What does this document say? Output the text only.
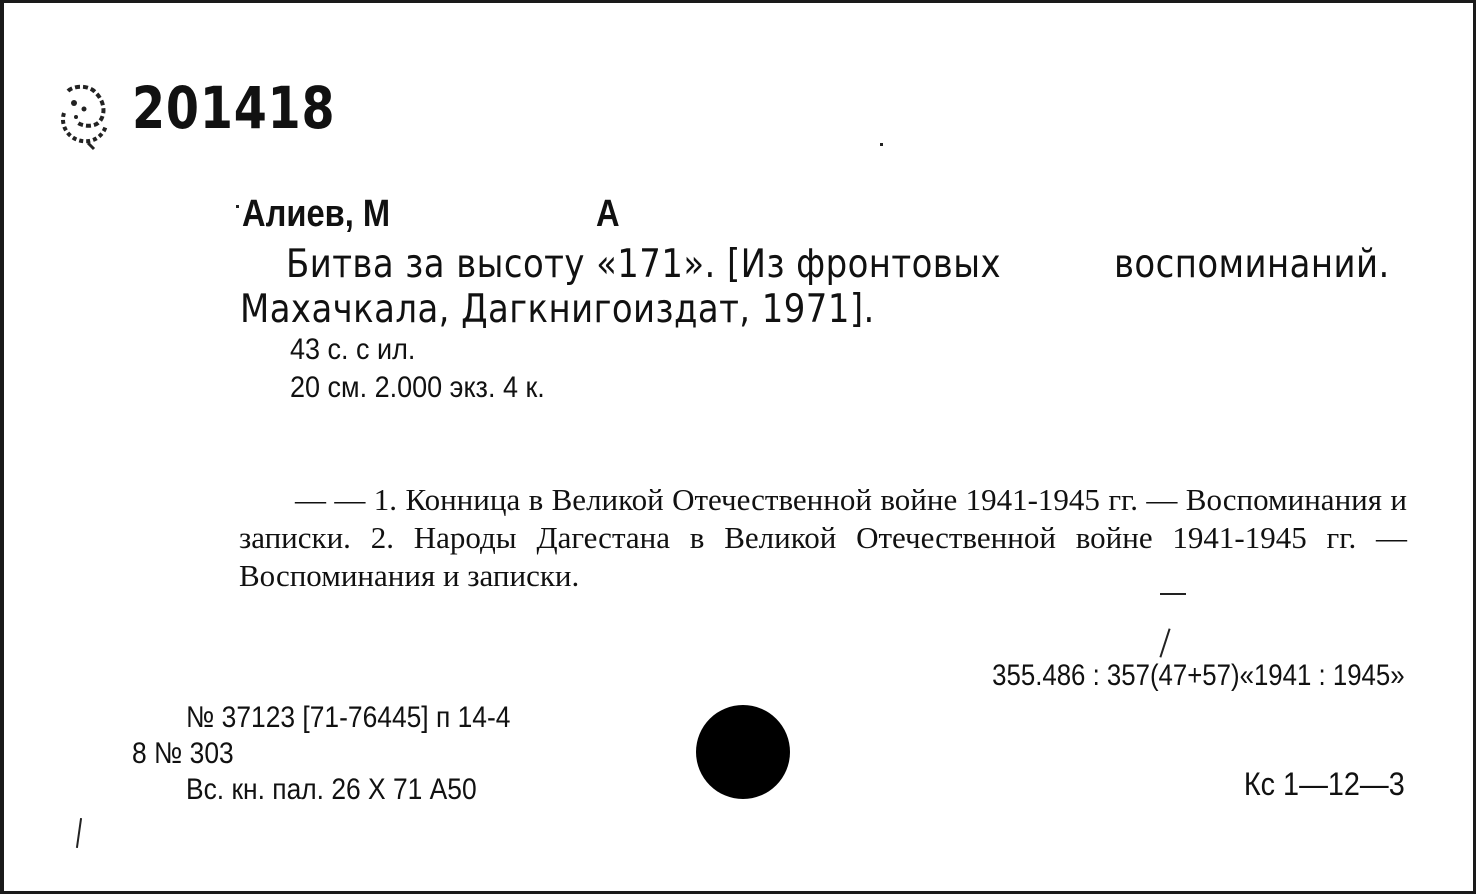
201418
Алиев, М	А
Битва за высоту «171». [Из фронтовых	воспоминаний.
Махачкала, Дагкнигоиздат, 1971].
43 с. с ил.
20 см. 2.000 экз. 4 к.
— — 1. Конница в Великой Отечественной войне 1941-1945 гг. — Воспоминания и записки. 2. Народы Дагестана в Великой Отечественной войне 1941-1945 гг. — Воспоминания и записки.
355.486 : 357(47+57)«1941 : 1945»
№ 37123 [71-76445] п 14-4
8 № 303
Вс. кн. пал. 26 X 71 А50	Кс 1—12—3
